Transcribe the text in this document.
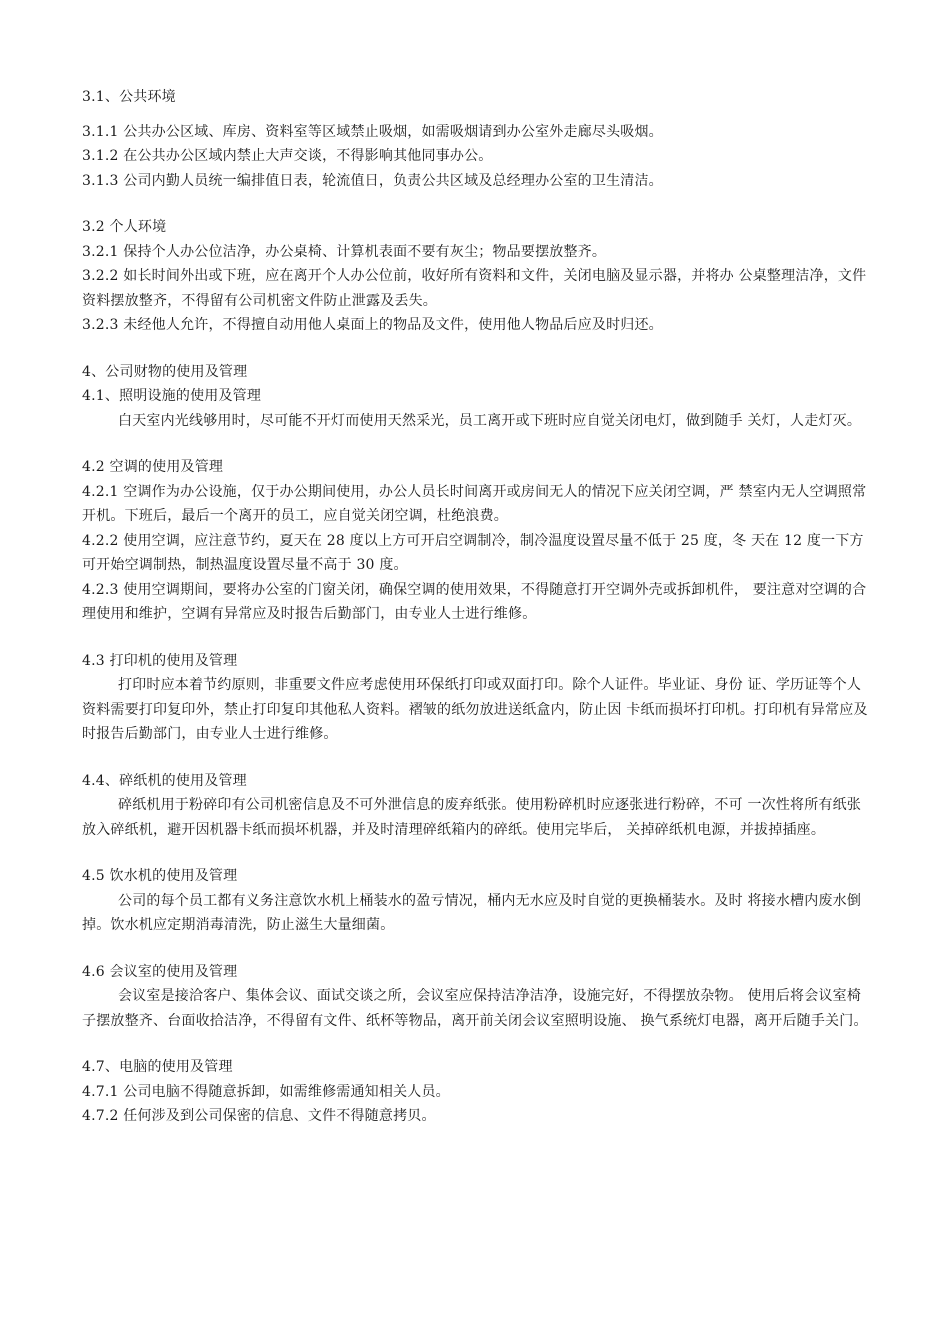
3.1、公共环境

3.1.1 公共办公区域、库房、资料室等区域禁止吸烟，如需吸烟请到办公室外走廊尽头吸烟。

3.1.2 在公共办公区域内禁止大声交谈，不得影响其他同事办公。

3.1.3 公司内勤人员统一编排值日表，轮流值日，负责公共区域及总经理办公室的卫生清洁。

3.2 个人环境

3.2.1 保持个人办公位洁净，办公桌椅、计算机表面不要有灰尘；物品要摆放整齐。

3.2.2 如长时间外出或下班，应在离开个人办公位前，收好所有资料和文件，关闭电脑及显示器，并将办 公桌整理洁净，文件资料摆放整齐，不得留有公司机密文件防止泄露及丢失。

3.2.3 未经他人允许，不得擅自动用他人桌面上的物品及文件，使用他人物品后应及时归还。

4、公司财物的使用及管理

4.1、照明设施的使用及管理

白天室内光线够用时，尽可能不开灯而使用天然采光，员工离开或下班时应自觉关闭电灯，做到随手 关灯，人走灯灭。

4.2 空调的使用及管理

4.2.1 空调作为办公设施，仅于办公期间使用，办公人员长时间离开或房间无人的情况下应关闭空调，严 禁室内无人空调照常开机。下班后，最后一个离开的员工，应自觉关闭空调，杜绝浪费。

4.2.2 使用空调，应注意节约，夏天在 28 度以上方可开启空调制冷，制冷温度设置尽量不低于 25 度，冬 天在 12 度一下方可开始空调制热，制热温度设置尽量不高于 30 度。

4.2.3 使用空调期间，要将办公室的门窗关闭，确保空调的使用效果，不得随意打开空调外壳或拆卸机件， 要注意对空调的合理使用和维护，空调有异常应及时报告后勤部门，由专业人士进行维修。

4.3 打印机的使用及管理

打印时应本着节约原则，非重要文件应考虑使用环保纸打印或双面打印。除个人证件。毕业证、身份 证、学历证等个人资料需要打印复印外，禁止打印复印其他私人资料。褶皱的纸勿放进送纸盒内，防止因 卡纸而损坏打印机。打印机有异常应及时报告后勤部门，由专业人士进行维修。

4.4、碎纸机的使用及管理

碎纸机用于粉碎印有公司机密信息及不可外泄信息的废弃纸张。使用粉碎机时应逐张进行粉碎，不可 一次性将所有纸张放入碎纸机，避开因机器卡纸而损坏机器，并及时清理碎纸箱内的碎纸。使用完毕后， 关掉碎纸机电源，并拔掉插座。

4.5 饮水机的使用及管理

公司的每个员工都有义务注意饮水机上桶装水的盈亏情况，桶内无水应及时自觉的更换桶装水。及时 将接水槽内废水倒掉。饮水机应定期消毒清洗，防止滋生大量细菌。

4.6 会议室的使用及管理

会议室是接洽客户、集体会议、面试交谈之所，会议室应保持洁净洁净，设施完好，不得摆放杂物。 使用后将会议室椅子摆放整齐、台面收拾洁净，不得留有文件、纸杯等物品，离开前关闭会议室照明设施、 换气系统灯电器，离开后随手关门。

4.7、电脑的使用及管理

4.7.1 公司电脑不得随意拆卸，如需维修需通知相关人员。

4.7.2 任何涉及到公司保密的信息、文件不得随意拷贝。
